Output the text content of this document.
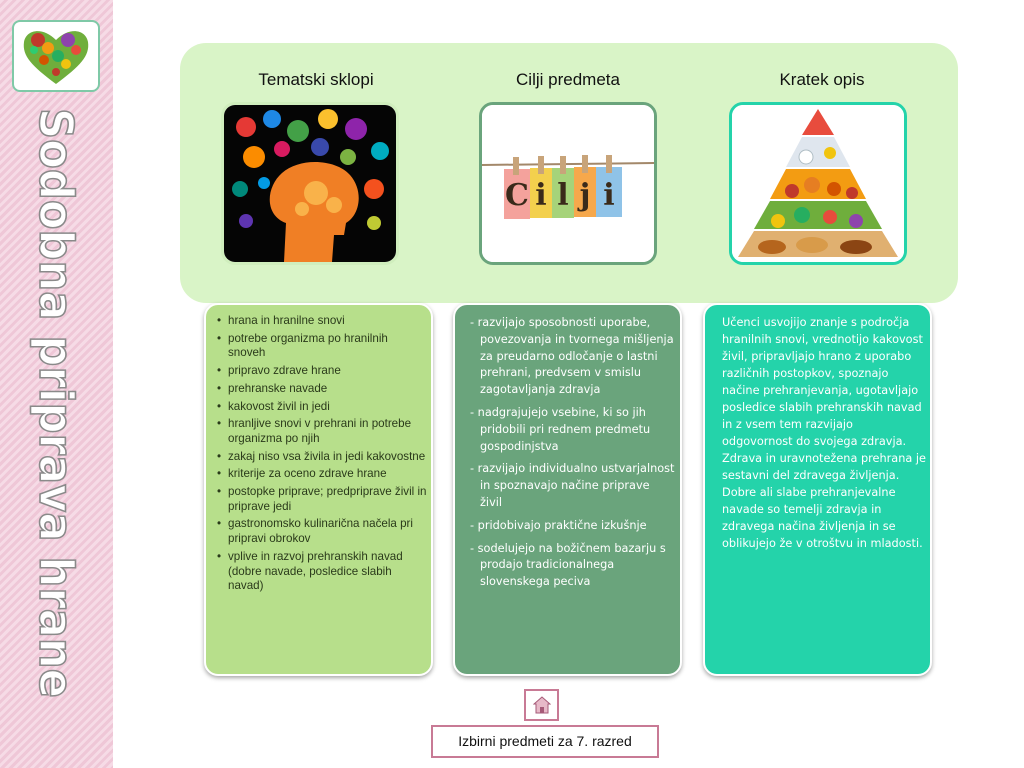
Sodobna priprava hrane
Tematski sklopi	Cilji predmeta	Kratek opis
C i l j i
• hrana in hranilne snovi
• potrebe organizma po hranilnih snoveh
• pripravo zdrave hrane
• prehranske navade
• kakovost živil in jedi
• hranljive snovi v prehrani in potrebe organizma po njih
• zakaj niso vsa živila in jedi kakovostne
• kriterije za oceno zdrave hrane
• postopke priprave; predpriprave živil in priprave jedi
• gastronomsko kulinarična načela pri pripravi obrokov
• vplive in razvoj prehranskih navad (dobre navade, posledice slabih navad)
- razvijajo sposobnosti uporabe, povezovanja in tvornega mišljenja za preudarno odločanje o lastni prehrani, predvsem v smislu zagotavljanja zdravja
- nadgrajujejo vsebine, ki so jih pridobili pri rednem predmetu gospodinjstva
- razvijajo individualno ustvarjalnost in spoznavajo načine priprave živil
- pridobivajo praktične izkušnje
- sodelujejo na božičnem bazarju s prodajo tradicionalnega slovenskega peciva

Učenci usvojijo znanje s področja hranilnih snovi, vrednotijo kakovost živil, pripravljajo hrano z uporabo različnih postopkov, spoznajo načine prehranjevanja, ugotavljajo posledice slabih prehranskih navad in z vsem tem razvijajo odgovornost do svojega zdravja.

Zdrava in uravnotežena prehrana je sestavni del zdravega življenja. Dobre ali slabe prehranjevalne navade so temelji zdravja in zdravega načina življenja in se oblikujejo že v otroštvu in mladosti.

Izbirni predmeti za 7. razred
